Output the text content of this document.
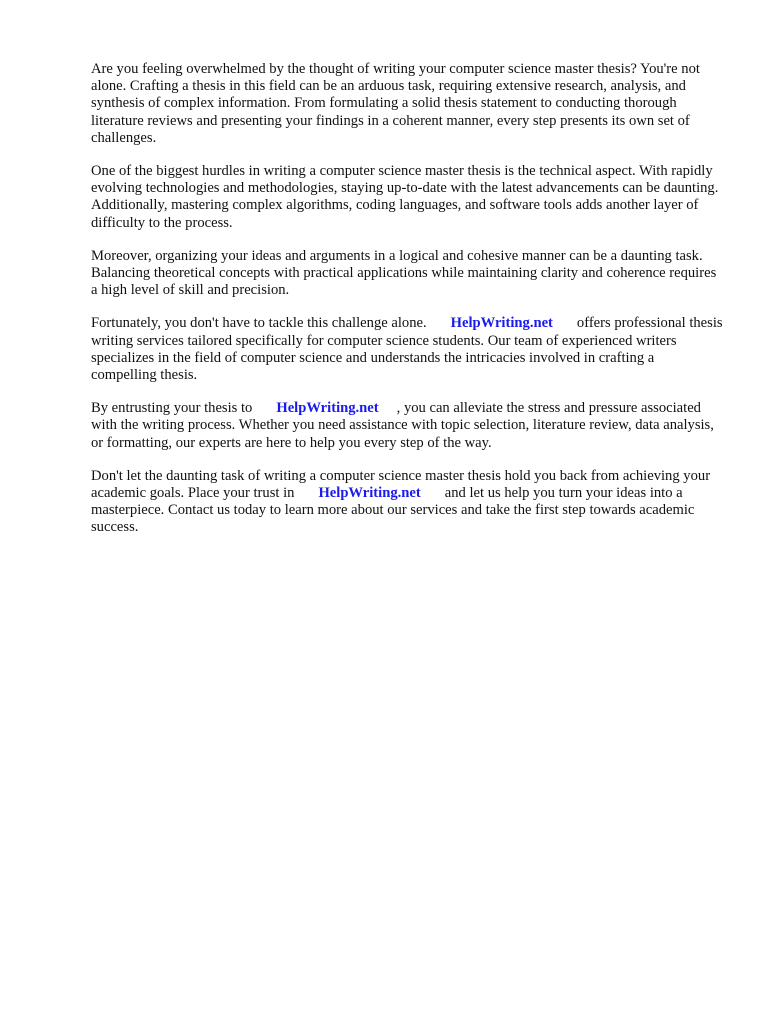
Are you feeling overwhelmed by the thought of writing your computer science master thesis? You're not alone. Crafting a thesis in this field can be an arduous task, requiring extensive research, analysis, and synthesis of complex information. From formulating a solid thesis statement to conducting thorough literature reviews and presenting your findings in a coherent manner, every step presents its own set of challenges.

One of the biggest hurdles in writing a computer science master thesis is the technical aspect. With rapidly evolving technologies and methodologies, staying up-to-date with the latest advancements can be daunting. Additionally, mastering complex algorithms, coding languages, and software tools adds another layer of difficulty to the process.

Moreover, organizing your ideas and arguments in a logical and cohesive manner can be a daunting task. Balancing theoretical concepts with practical applications while maintaining clarity and coherence requires a high level of skill and precision.

Fortunately, you don't have to tackle this challenge alone. HelpWriting.net offers professional thesis writing services tailored specifically for computer science students. Our team of experienced writers specializes in the field of computer science and understands the intricacies involved in crafting a compelling thesis.

By entrusting your thesis to HelpWriting.net , you can alleviate the stress and pressure associated with the writing process. Whether you need assistance with topic selection, literature review, data analysis, or formatting, our experts are here to help you every step of the way.

Don't let the daunting task of writing a computer science master thesis hold you back from achieving your academic goals. Place your trust in HelpWriting.net and let us help you turn your ideas into a masterpiece. Contact us today to learn more about our services and take the first step towards academic success.
